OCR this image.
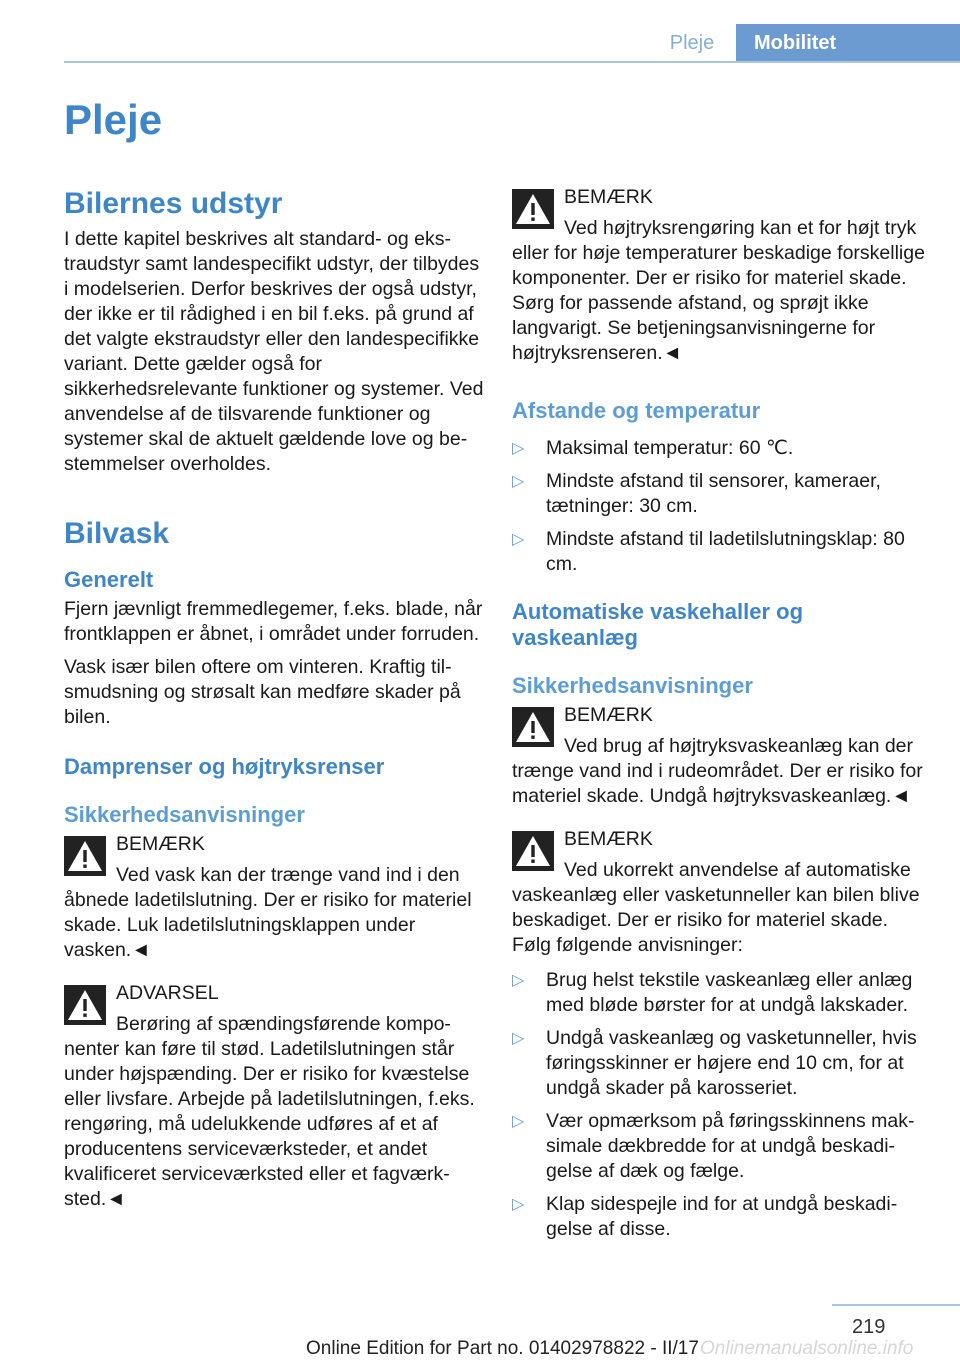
Pleje	Mobilitet
Pleje
Bilernes udstyr

I dette kapitel beskrives alt standard- og ekstraudstyr samt landespecifikt udstyr, der tilbydes i modelserien. Derfor beskrives der også udstyr, der ikke er til rådighed i en bil f.eks. på grund af det valgte ekstraudstyr eller den landespecifikke variant. Dette gælder også for sikkerhedsrelevante funktioner og systemer. Ved anvendelse af de tilsvarende funktioner og systemer skal de aktuelt gældende love og bestemmelser overholdes.

Bilvask
Generelt

Fjern jævnligt fremmedlegemer, f.eks. blade, når frontklappen er åbnet, i området under forruden.

Vask især bilen oftere om vinteren. Kraftig tilsmudsning og strøsalt kan medføre skader på bilen.

Damprenser og højtryksrenser
Sikkerhedsanvisninger
BEMÆRK

Ved vask kan der trænge vand ind i den åbnede ladetilslutning. Der er risiko for materiel skade. Luk ladetilslutningsklappen under vasken.◄

ADVARSEL

Berøring af spændingsførende komponenter kan føre til stød. Ladetilslutningen står under højspænding. Der er risiko for kvæstelse eller livsfare. Arbejde på ladetilslutningen, f.eks. rengøring, må udelukkende udføres af et af producentens serviceværksteder, et andet kvalificeret serviceværksted eller et fagværksted.◄

BEMÆRK

Ved højtryksrengøring kan et for højt tryk eller for høje temperaturer beskadige forskellige komponenter. Der er risiko for materiel skade. Sørg for passende afstand, og sprøjt ikke langvarigt. Se betjeningsanvisningerne for højtryksrenseren.◄

Afstande og temperatur
▷ Maksimal temperatur: 60 ℃.
▷ Mindste afstand til sensorer, kameraer, tætninger: 30 cm.
▷ Mindste afstand til ladetilslutningsklap: 80 cm.
Automatiske vaskehaller og vaskeanlæg
Sikkerhedsanvisninger
BEMÆRK

Ved brug af højtryksvaskeanlæg kan der trænge vand ind i rudeområdet. Der er risiko for materiel skade. Undgå højtryksvaskeanlæg.◄

BEMÆRK

Ved ukorrekt anvendelse af automatiske vaskeanlæg eller vasketunneller kan bilen blive beskadiget. Der er risiko for materiel skade. Følg følgende anvisninger:

▷ Brug helst tekstile vaskeanlæg eller anlæg med bløde børster for at undgå lakskader.
▷ Undgå vaskeanlæg og vasketunneller, hvis føringsskinner er højere end 10 cm, for at undgå skader på karosseriet.
▷ Vær opmærksom på føringsskinnens maksimale dækbredde for at undgå beskadigelse af dæk og fælge.
▷ Klap sidespejle ind for at undgå beskadigelse af disse.
219
Online Edition for Part no. 01402978822 - II/17 Onlinemanualsonline.info
